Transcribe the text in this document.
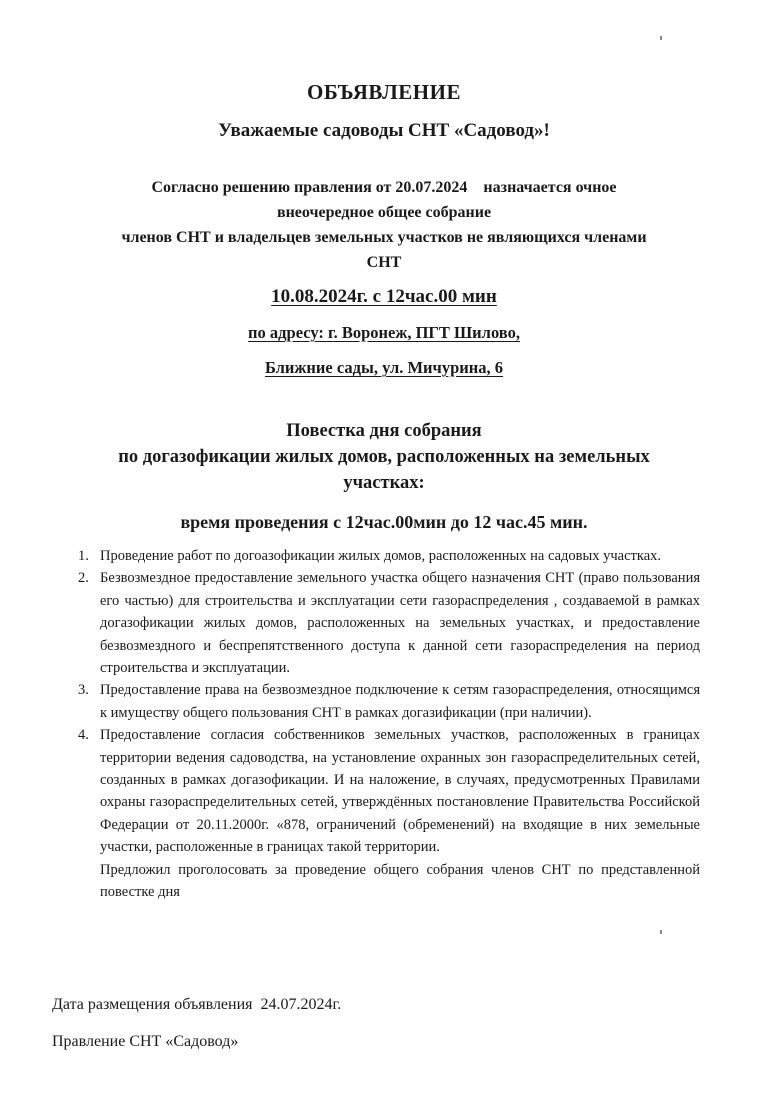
ОБЪЯВЛЕНИЕ
Уважаемые садоводы СНТ «Садовод»!
Согласно решению правления от 20.07.2024    назначается очное
внеочередное общее собрание
членов СНТ и владельцев земельных участков не являющихся членами
СНТ
10.08.2024г. с 12час.00 мин
по адресу: г. Воронеж, ПГТ Шилово,
Ближние сады, ул. Мичурина, 6
Повестка дня собрания
по догазофикации жилых домов, расположенных на земельных
участках:
время проведения с 12час.00мин до 12 час.45 мин.
1. Проведение работ по догоазофикации жилых домов, расположенных на садовых участках.
2. Безвозмездное предоставление земельного участка общего назначения СНТ (право пользования его частью) для строительства и эксплуатации сети газораспределения , создаваемой в рамках догазофикации жилых домов, расположенных на земельных участках, и предоставление безвозмездного и беспрепятственного доступа к данной сети газораспределения на период строительства и эксплуатации.
3. Предоставление права на безвозмездное подключение к сетям газораспределения, относящимся к имуществу общего пользования СНТ в рамках догазификации (при наличии).
4. Предоставление согласия собственников земельных участков, расположенных в границах территории ведения садоводства, на установление охранных зон газораспределительных сетей, созданных в рамках догазофикации. И на наложение, в случаях, предусмотренных Правилами охраны газораспределительных сетей, утверждённых постановление Правительства Российской Федерации от 20.11.2000г. «878, ограничений (обременений) на входящие в них земельные участки, расположенные в границах такой территории.
Предложил проголосовать за проведение общего собрания членов СНТ по представленной повестке дня
Дата размещения объявления  24.07.2024г.
Правление СНТ «Садовод»
